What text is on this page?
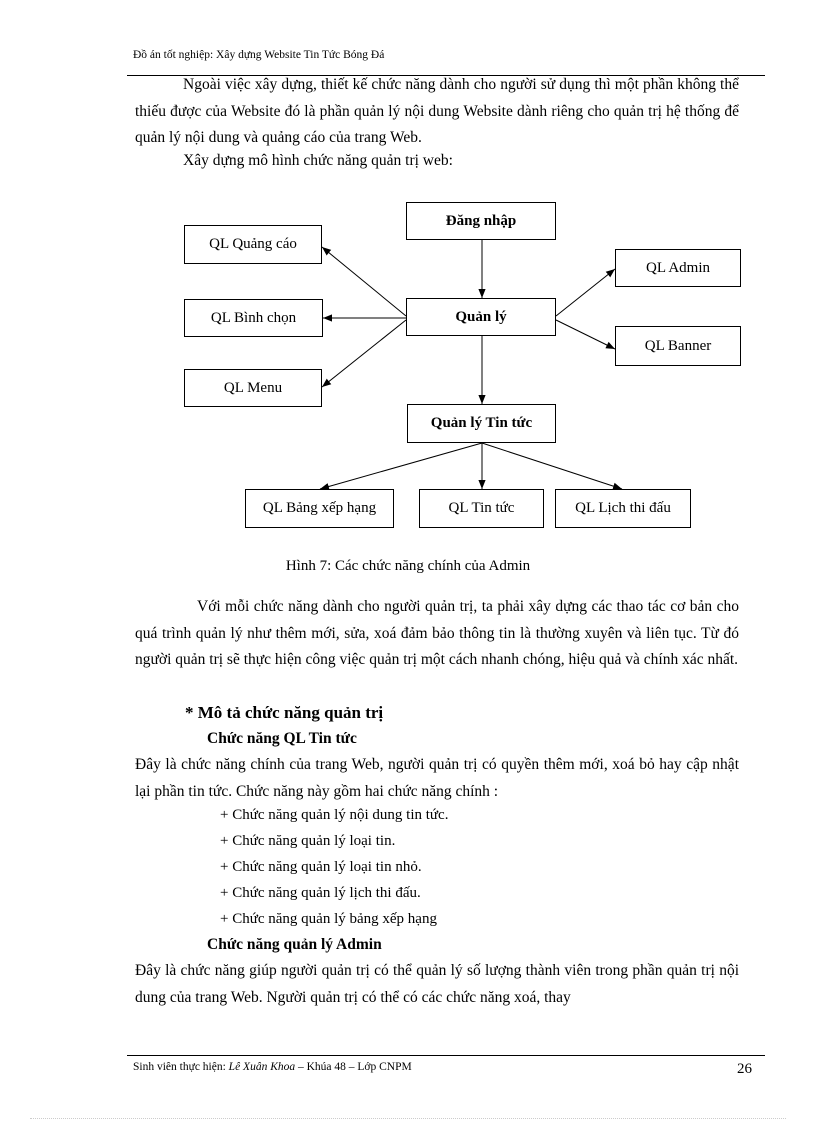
Đồ án tốt nghiệp: Xây dựng Website Tin Tức Bóng Đá

Ngoài việc xây dựng, thiết kế chức năng dành cho người sử dụng thì một phần không thể thiếu được của Website đó là phần quản lý nội dung Website dành riêng cho quản trị hệ thống để quản lý nội dung và quảng cáo của trang Web.

Xây dựng mô hình chức năng quản trị web:
Đăng nhập
QL Quảng cáo
QL Admin
QL Bình chọn	Quản lý
QL Banner
QL Menu
Quản lý Tin tức
QL Bảng xếp hạng	QL Tin tức	QL Lịch thi đấu
Hình 7: Các chức năng chính của Admin

Với mỗi chức năng dành cho người quản trị, ta phải xây dựng các thao tác cơ bản cho quá trình quản lý như thêm mới, sửa, xoá đảm bảo thông tin là thường xuyên và liên tục. Từ đó người quản trị sẽ thực hiện công việc quản trị một cách nhanh chóng, hiệu quả và chính xác nhất.

* Mô tả chức năng quản trị
Chức năng QL Tin tức

Đây là chức năng chính của trang Web, người quản trị có quyền thêm mới, xoá bỏ hay cập nhật lại phần tin tức. Chức năng này gồm hai chức năng chính :

+ Chức năng quản lý nội dung tin tức.
+ Chức năng quản lý loại tin.
+ Chức năng quản lý loại tin nhỏ.
+ Chức năng quản lý lịch thi đấu.
+ Chức năng quản lý bảng xếp hạng
Chức năng quản lý Admin

Đây là chức năng giúp người quản trị có thể quản lý số lượng thành viên trong phần quản trị nội dung của trang Web. Người quản trị có thể có các chức năng xoá, thay

Sinh viên thực hiện: Lê Xuân Khoa – Khúa 48 – Lớp CNPM	26
